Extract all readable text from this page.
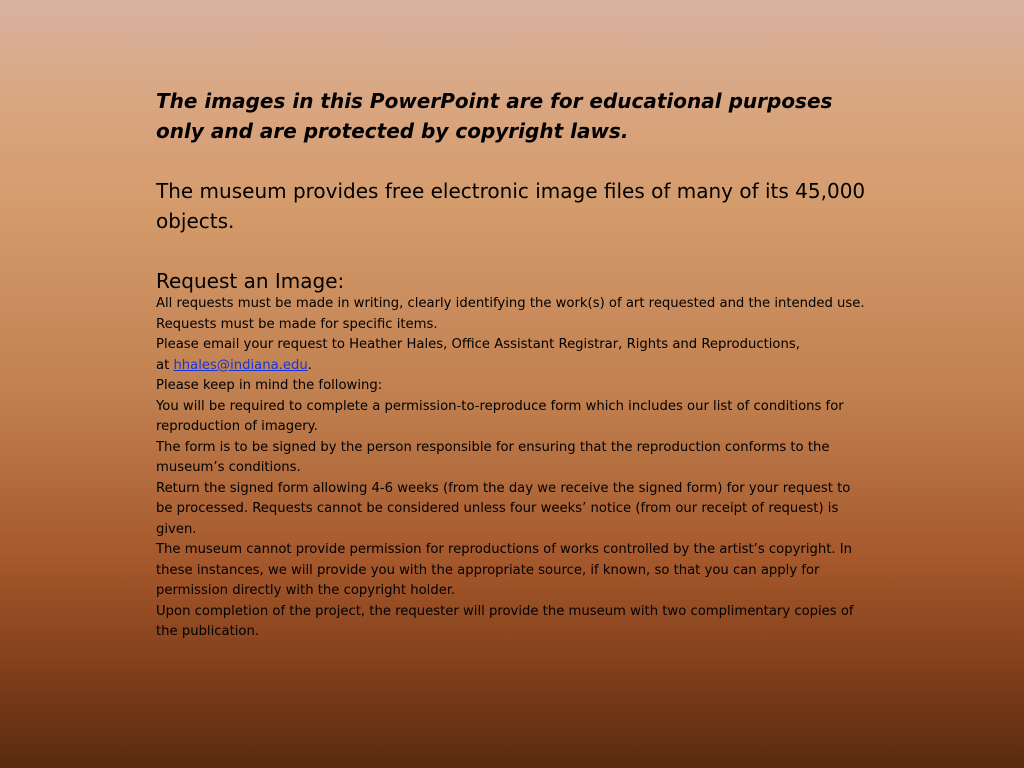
The images in this PowerPoint are for educational purposes only and are protected by copyright laws.

The museum provides free electronic image files of many of its 45,000 objects.

Request an Image:

All requests must be made in writing, clearly identifying the work(s) of art requested and the intended use.
Requests must be made for specific items.
Please email your request to Heather Hales, Office Assistant Registrar, Rights and Reproductions,
at hhales@indiana.edu.
Please keep in mind the following:
You will be required to complete a permission-to-reproduce form which includes our list of conditions for reproduction of imagery.
The form is to be signed by the person responsible for ensuring that the reproduction conforms to the museum’s conditions.
Return the signed form allowing 4-6 weeks (from the day we receive the signed form) for your request to be processed. Requests cannot be considered unless four weeks’ notice (from our receipt of request) is given.
The museum cannot provide permission for reproductions of works controlled by the artist’s copyright. In these instances, we will provide you with the appropriate source, if known, so that you can apply for permission directly with the copyright holder.
Upon completion of the project, the requester will provide the museum with two complimentary copies of the publication.
